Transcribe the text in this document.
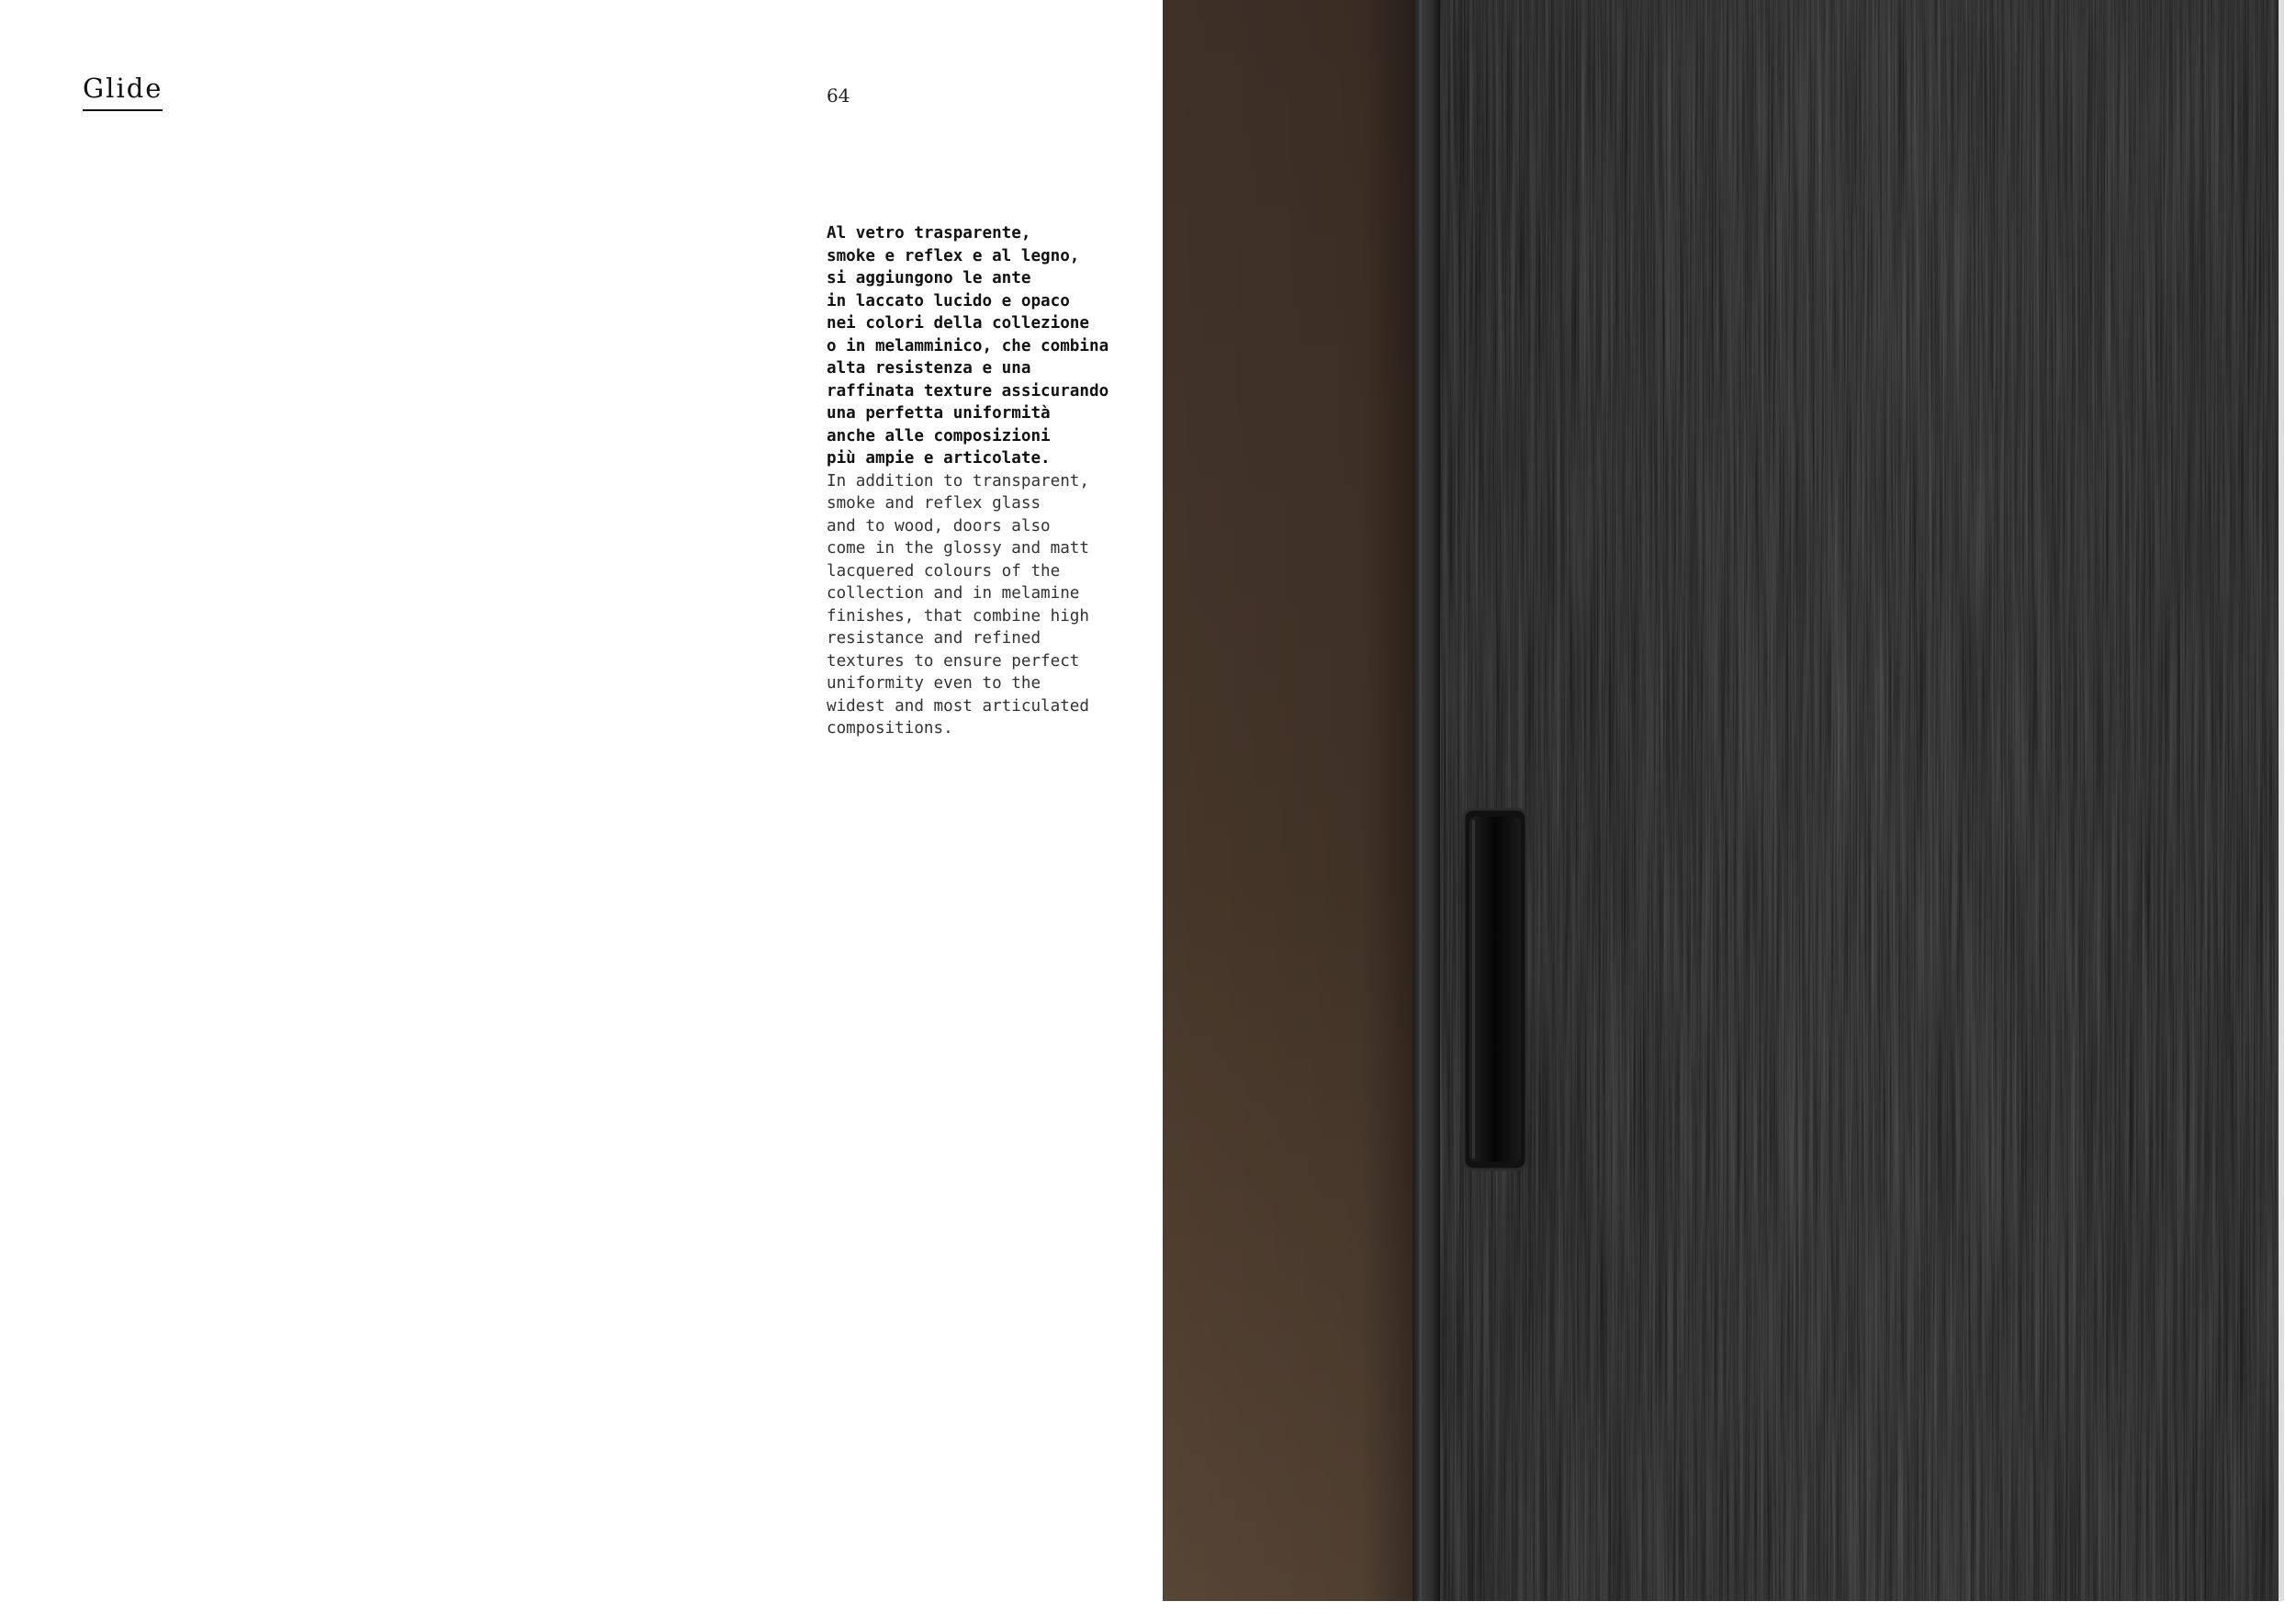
Glide	64
Al vetro trasparente,
smoke e reflex e al legno,
si aggiungono le ante
in laccato lucido e opaco
nei colori della collezione
o in melamminico, che combina
alta resistenza e una
raffinata texture assicurando
una perfetta uniformità
anche alle composizioni
più ampie e articolate.
In addition to transparent,
smoke and reflex glass
and to wood, doors also
come in the glossy and matt
lacquered colours of the
collection and in melamine
finishes, that combine high
resistance and refined
textures to ensure perfect
uniformity even to the
widest and most articulated
compositions.
